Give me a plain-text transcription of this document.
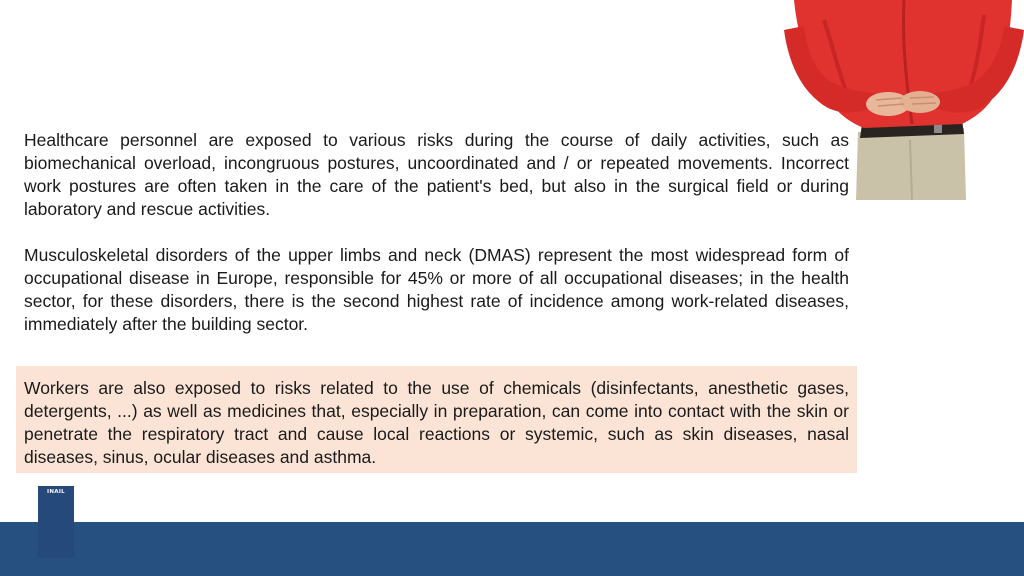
Healthcare personnel are exposed to various risks during the course of daily activities, such as biomechanical overload, incongruous postures, uncoordinated and / or repeated movements. Incorrect work postures are often taken in the care of the patient's bed, but also in the surgical field or during laboratory and rescue activities.

Musculoskeletal disorders of the upper limbs and neck (DMAS) represent the most widespread form of occupational disease in Europe, responsible for 45% or more of all occupational diseases; in the health sector, for these disorders, there is the second highest rate of incidence among work-related diseases, immediately after the building sector.

Workers are also exposed to risks related to the use of chemicals (disinfectants, anesthetic gases, detergents, ...) as well as medicines that, especially in preparation, can come into contact with the skin or penetrate the respiratory tract and cause local reactions or systemic, such as skin diseases, nasal diseases, sinus, ocular diseases and asthma.

INAIL
